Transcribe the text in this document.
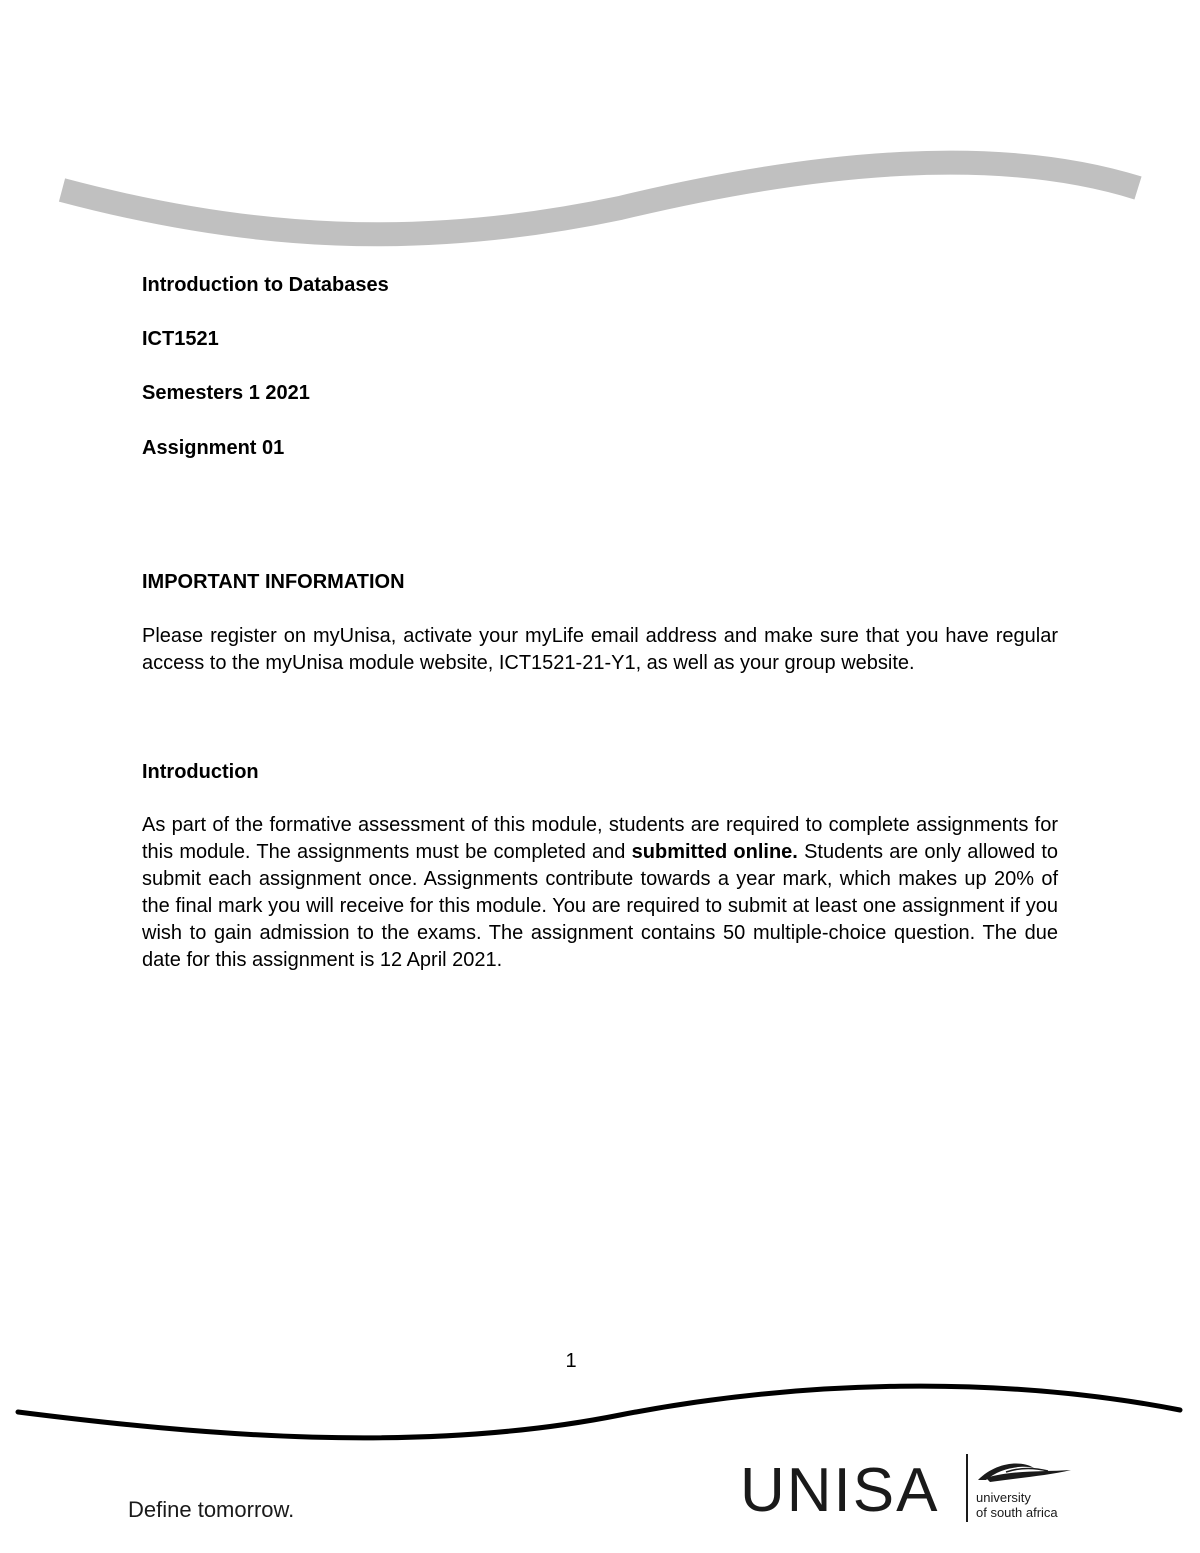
Introduction to Databases
ICT1521
Semesters 1 2021
Assignment 01
IMPORTANT INFORMATION

Please register on myUnisa, activate your myLife email address and make sure that you have regular access to the myUnisa module website, ICT1521-21-Y1, as well as your group website.

Introduction

As part of the formative assessment of this module, students are required to complete assignments for this module. The assignments must be completed and submitted online. Students are only allowed to submit each assignment once. Assignments contribute towards a year mark, which makes up 20% of the final mark you will receive for this module. You are required to submit at least one assignment if you wish to gain admission to the exams. The assignment contains 50 multiple-choice question. The due date for this assignment is 12 April 2021.

1
Define tomorrow.	UNISA	university
of south africa
